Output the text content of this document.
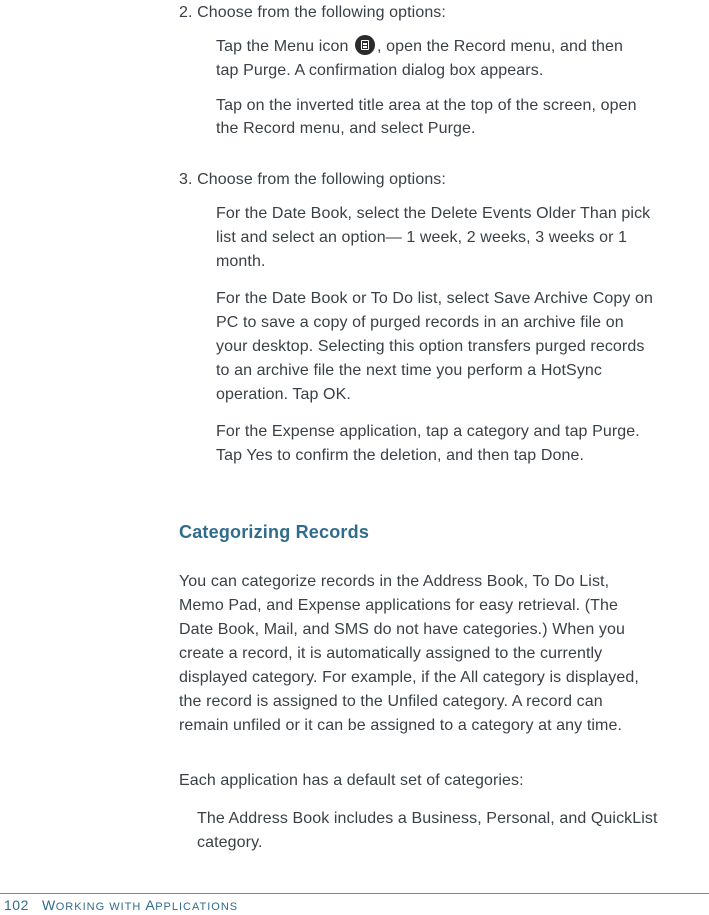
2. Choose from the following options:
Tap the Menu icon , open the Record menu, and then
tap Purge. A confirmation dialog box appears.
Tap on the inverted title area at the top of the screen, open
the Record menu, and select Purge.
3. Choose from the following options:
For the Date Book, select the Delete Events Older Than pick
list and select an option— 1 week, 2 weeks, 3 weeks or 1
month.
For the Date Book or To Do list, select Save Archive Copy on
PC to save a copy of purged records in an archive file on
your desktop. Selecting this option transfers purged records
to an archive file the next time you perform a HotSync
operation. Tap OK.
For the Expense application, tap a category and tap Purge.
Tap Yes to confirm the deletion, and then tap Done.
Categorizing Records
You can categorize records in the Address Book, To Do List,
Memo Pad, and Expense applications for easy retrieval. (The
Date Book, Mail, and SMS do not have categories.) When you
create a record, it is automatically assigned to the currently
displayed category. For example, if the All category is displayed,
the record is assigned to the Unfiled category. A record can
remain unfiled or it can be assigned to a category at any time.
Each application has a default set of categories:
The Address Book includes a Business, Personal, and QuickList
category.
102 WORKING WITH APPLICATIONS
